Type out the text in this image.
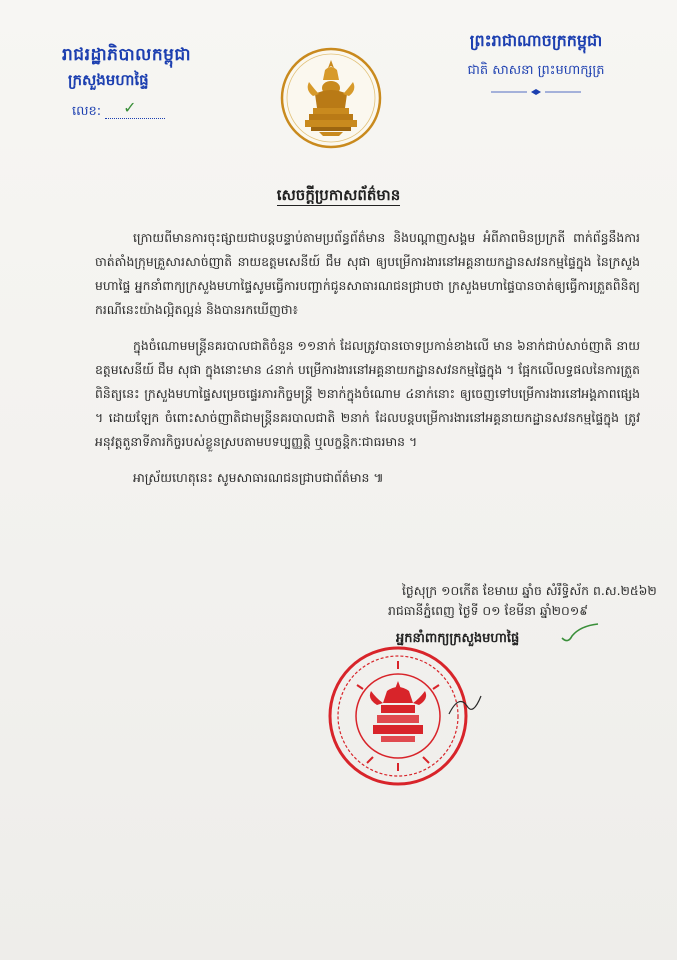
រាជរដ្ឋាភិបាលកម្ពុជា
ក្រសួងមហាផ្ទៃ
លេខ: ✓
ព្រះរាជាណាចក្រកម្ពុជា
ជាតិ សាសនា ព្រះមហាក្សត្រ
សេចក្តីប្រកាសព័ត៌មាន

ក្រោយពីមានការចុះផ្សាយជាបន្តបន្ទាប់តាមប្រព័ន្ធព័ត៌មាន និងបណ្តាញសង្គម អំពីភាពមិនប្រក្រតី ពាក់ព័ន្ធនឹងការចាត់តាំងក្រុមគ្រួសារសាច់ញាតិ នាយឧត្តមសេនីយ៍ ជឹម សុផា ឲ្យបម្រើការងារនៅអគ្គនាយកដ្ឋានសវនកម្មផ្ទៃក្នុង នៃក្រសួងមហាផ្ទៃ អ្នកនាំពាក្យក្រសួងមហាផ្ទៃសូមធ្វើការបញ្ជាក់ជូនសាធារណជនជ្រាបថា ក្រសួងមហាផ្ទៃបានចាត់ឲ្យធ្វើការត្រួតពិនិត្យករណីនេះយ៉ាងល្អិតល្អន់ និងបានរកឃើញថា៖

ក្នុងចំណោមមន្ត្រីនគរបាលជាតិចំនួន ១១នាក់ ដែលត្រូវបានចោទប្រកាន់ខាងលើ មាន ៦នាក់ជាប់សាច់ញាតិ នាយឧត្តមសេនីយ៍ ជឹម សុផា ក្នុងនោះមាន ៤នាក់ បម្រើការងារនៅអគ្គនាយកដ្ឋានសវនកម្មផ្ទៃក្នុង ។ ផ្អែកលើលទ្ធផលនៃការត្រួតពិនិត្យនេះ ក្រសួងមហាផ្ទៃសម្រេចផ្ទេរភារកិច្ចមន្ត្រី ២នាក់ក្នុងចំណោម ៤នាក់នោះ ឲ្យចេញទៅបម្រើការងារនៅអង្គភាពផ្សេង ។ ដោយឡែក ចំពោះសាច់ញាតិជាមន្ត្រីនគរបាលជាតិ ២នាក់ ដែលបន្តបម្រើការងារនៅអគ្គនាយកដ្ឋានសវនកម្មផ្ទៃក្នុង ត្រូវអនុវត្តតួនាទីភារកិច្ចរបស់ខ្លួនស្របតាមបទប្បញ្ញត្តិ ឬលក្ខន្តិកៈជាធរមាន ។

អាស្រ័យហេតុនេះ សូមសាធារណជនជ្រាបជាព័ត៌មាន ៕

ថ្ងៃសុក្រ ១០កើត ខែមាឃ ឆ្នាំច សំរឹទ្ធិស័ក ព.ស.២៥៦២
រាជធានីភ្នំពេញ ថ្ងៃទី ០១ ខែមីនា ឆ្នាំ២០១៩
អ្នកនាំពាក្យក្រសួងមហាផ្ទៃ
